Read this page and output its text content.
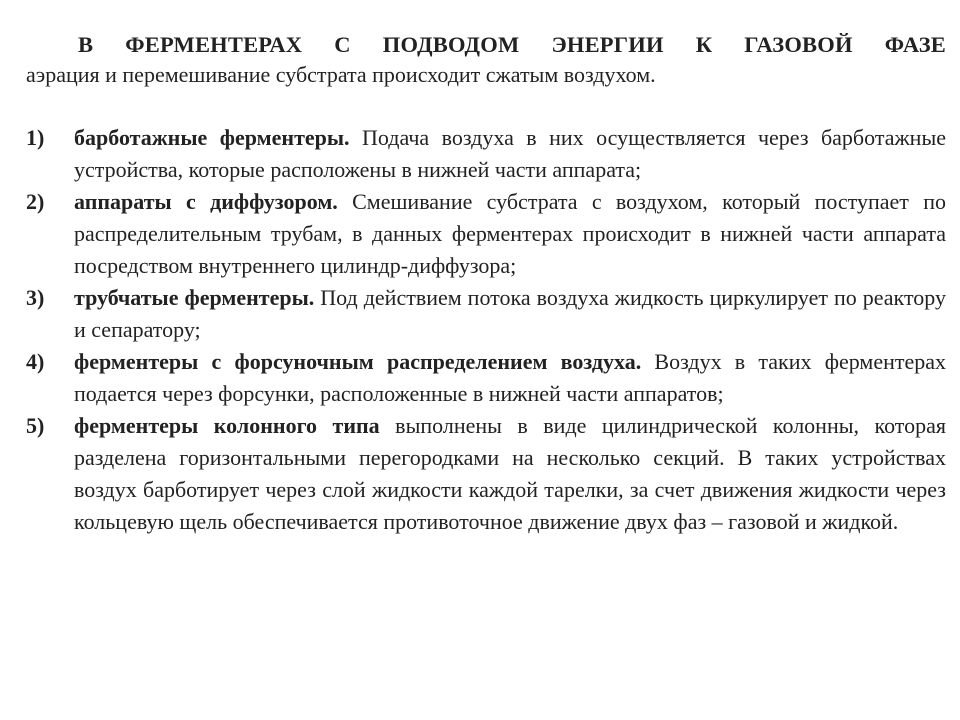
В ФЕРМЕНТЕРАХ С ПОДВОДОМ ЭНЕРГИИ К ГАЗОВОЙ ФАЗЕ

аэрация и перемешивание субстрата происходит сжатым воздухом.

1)	барботажные ферментеры. Подача воздуха в них осуществляется через барботажные устройства, которые расположены в нижней части аппарата;
2)	аппараты с диффузором. Смешивание субстрата с воздухом, который поступает по распределительным трубам, в данных ферментерах происходит в нижней части аппарата посредством внутреннего цилиндр-диффузора;
3)	трубчатые ферментеры. Под действием потока воздуха жидкость циркулирует по реактору и сепаратору;
4)	ферментеры с форсуночным распределением воздуха. Воздух в таких ферментерах подается через форсунки, расположенные в нижней части аппаратов;
5)	ферментеры колонного типа выполнены в виде цилиндрической колонны, которая разделена горизонтальными перегородками на несколько секций. В таких устройствах воздух барботирует через слой жидкости каждой тарелки, за счет движения жидкости через кольцевую щель обеспечивается противоточное движение двух фаз – газовой и жидкой.
